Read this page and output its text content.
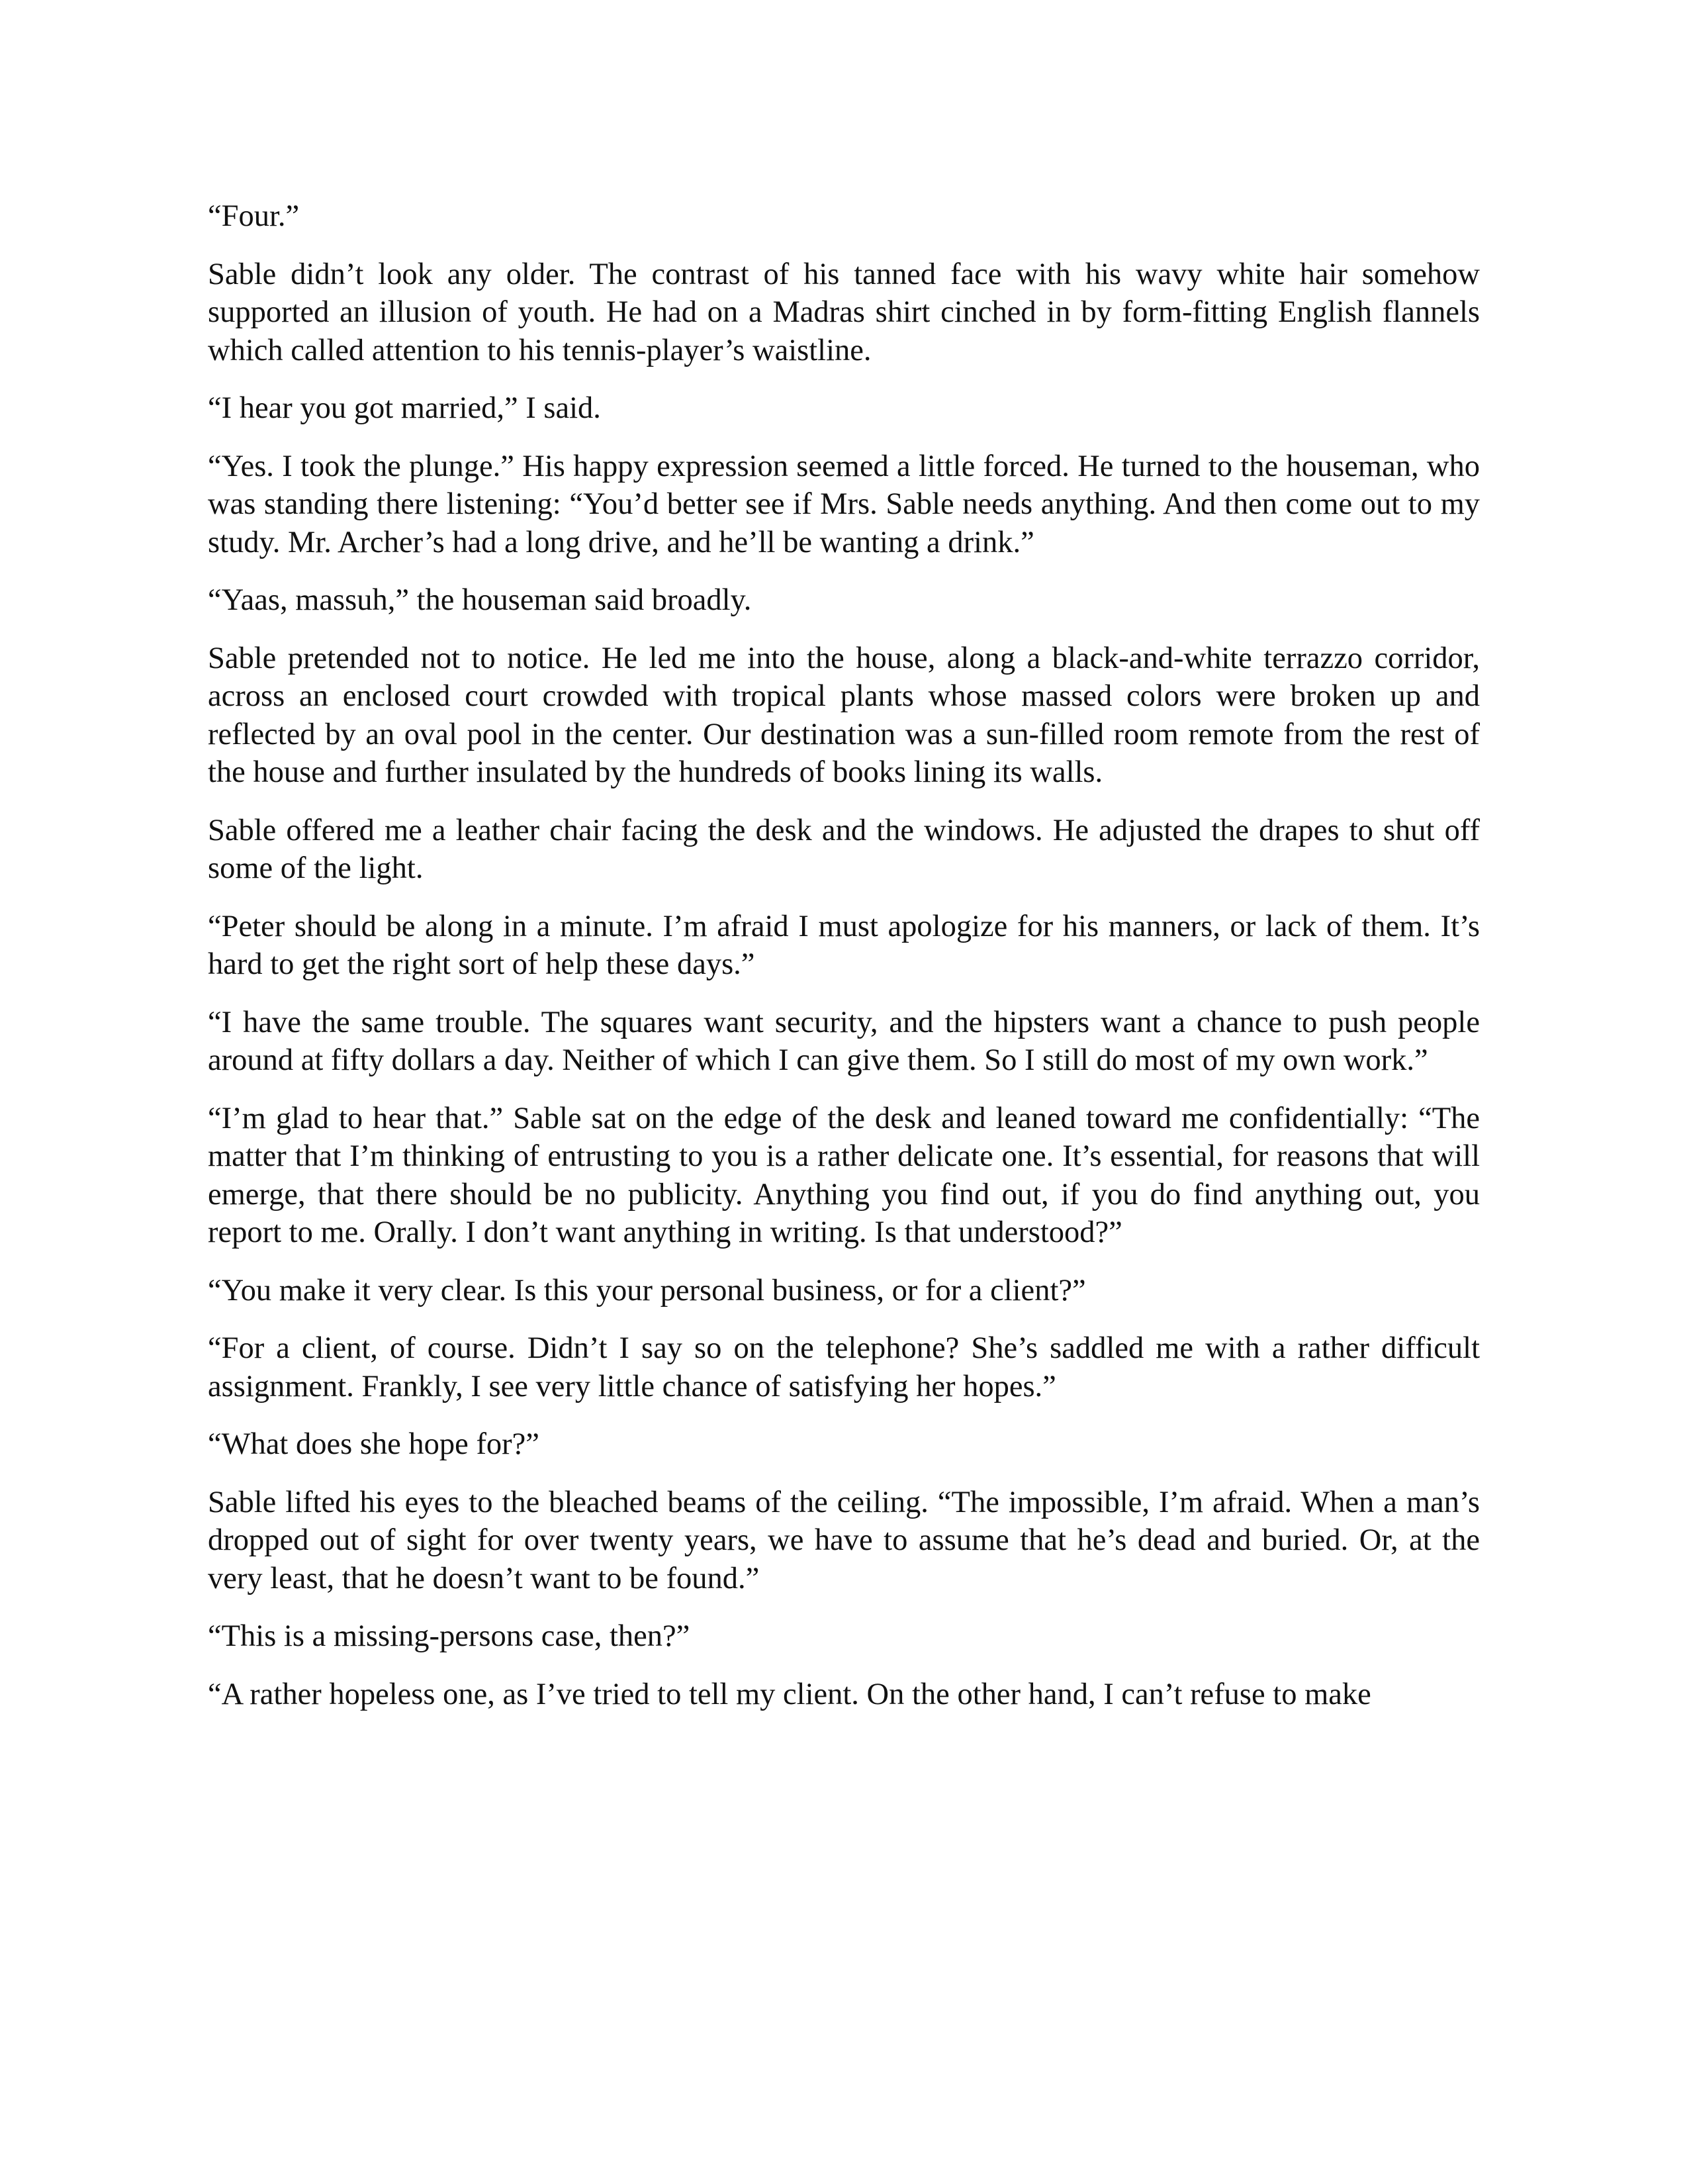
“Four.”

Sable didn’t look any older. The contrast of his tanned face with his wavy white hair somehow supported an illusion of youth. He had on a Madras shirt cinched in by form-fitting English flannels which called attention to his tennis-player’s waistline.

“I hear you got married,” I said.

“Yes. I took the plunge.” His happy expression seemed a little forced. He turned to the houseman, who was standing there listening: “You’d better see if Mrs. Sable needs anything. And then come out to my study. Mr. Archer’s had a long drive, and he’ll be wanting a drink.”

“Yaas, massuh,” the houseman said broadly.

Sable pretended not to notice. He led me into the house, along a black-and-white terrazzo corridor, across an enclosed court crowded with tropical plants whose massed colors were broken up and reflected by an oval pool in the center. Our destination was a sun-filled room remote from the rest of the house and further insulated by the hundreds of books lining its walls.

Sable offered me a leather chair facing the desk and the windows. He adjusted the drapes to shut off some of the light.

“Peter should be along in a minute. I’m afraid I must apologize for his manners, or lack of them. It’s hard to get the right sort of help these days.”

“I have the same trouble. The squares want security, and the hipsters want a chance to push people around at fifty dollars a day. Neither of which I can give them. So I still do most of my own work.”

“I’m glad to hear that.” Sable sat on the edge of the desk and leaned toward me confidentially: “The matter that I’m thinking of entrusting to you is a rather delicate one. It’s essential, for reasons that will emerge, that there should be no publicity. Anything you find out, if you do find anything out, you report to me. Orally. I don’t want anything in writing. Is that understood?”

“You make it very clear. Is this your personal business, or for a client?”

“For a client, of course. Didn’t I say so on the telephone? She’s saddled me with a rather difficult assignment. Frankly, I see very little chance of satisfying her hopes.”

“What does she hope for?”

Sable lifted his eyes to the bleached beams of the ceiling. “The impossible, I’m afraid. When a man’s dropped out of sight for over twenty years, we have to assume that he’s dead and buried. Or, at the very least, that he doesn’t want to be found.”

“This is a missing-persons case, then?”

“A rather hopeless one, as I’ve tried to tell my client. On the other hand, I can’t refuse to make
